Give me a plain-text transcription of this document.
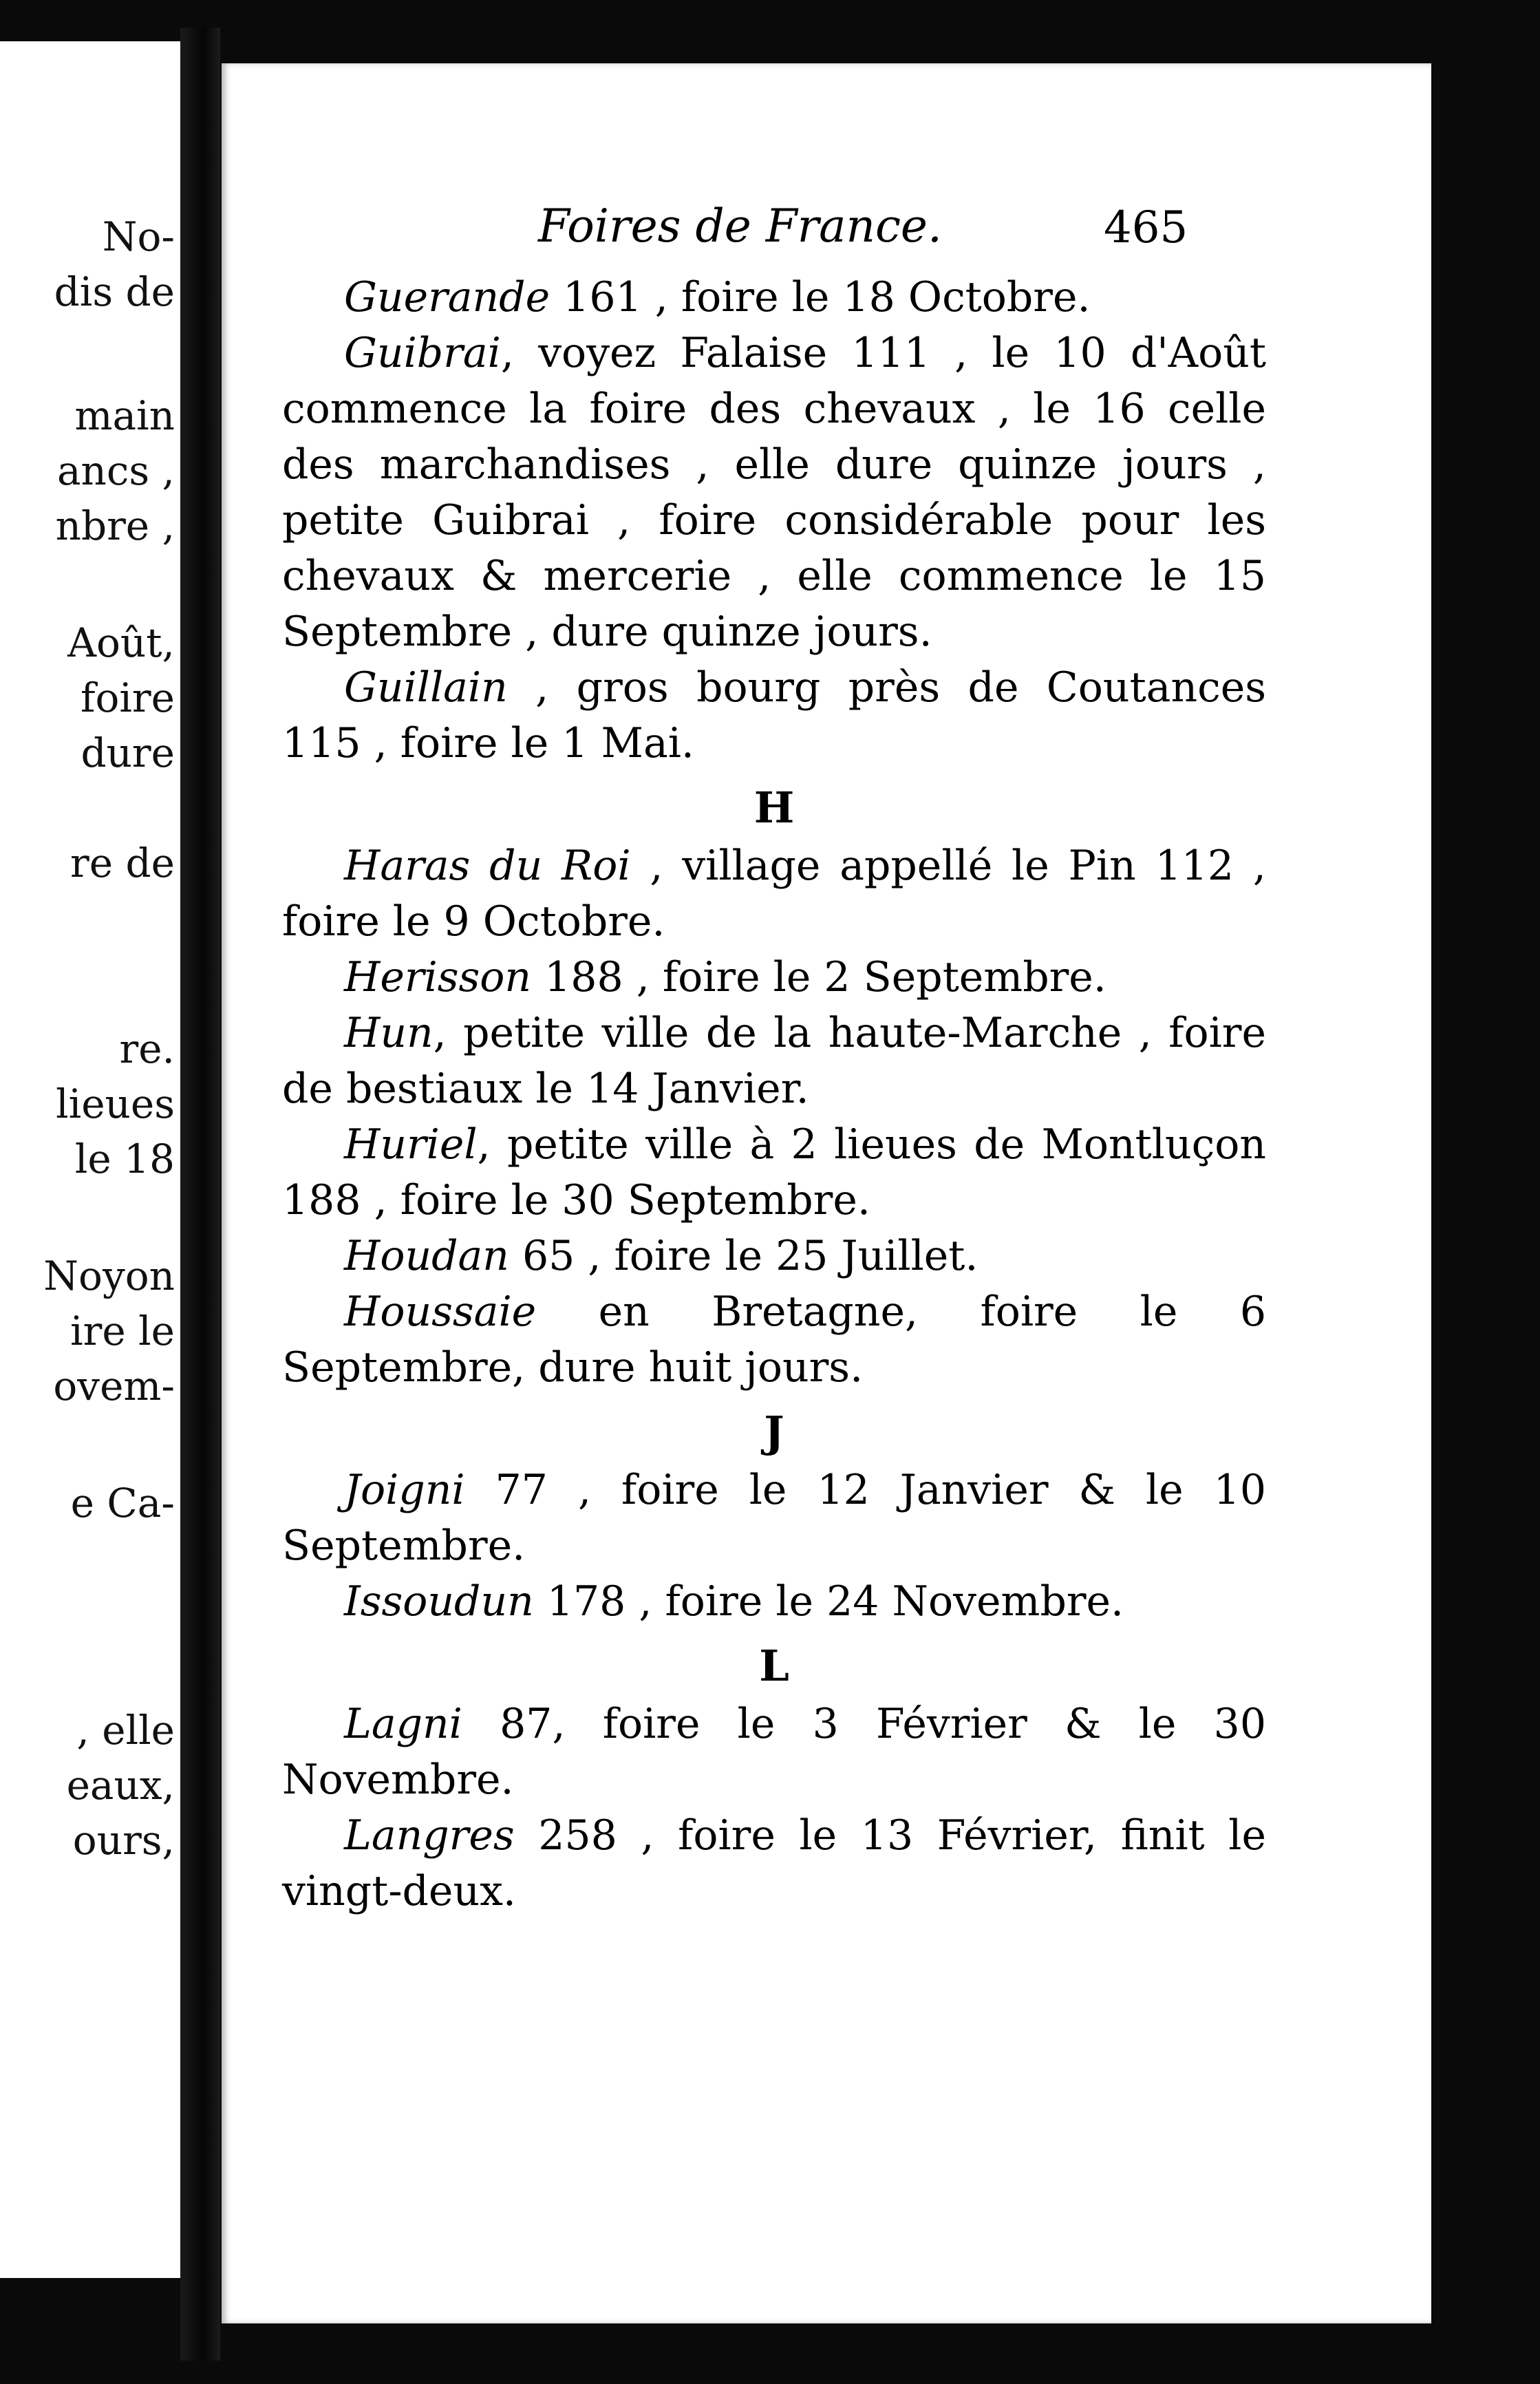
No-
dis de
main
ancs ,
nbre ,
Août,
foire
dure
re de
re.
lieues
le 18
Noyon
ire le
ovem-
e Ca-
, elle
eaux,
ours,
Foires de France.	465

Guerande 161 , foire le 18 Octobre.

Guibrai, voyez Falaise 111 , le 10 d'Août commence la foire des chevaux , le 16 celle des marchandises , elle dure quinze jours , petite Guibrai , foire considérable pour les chevaux & mercerie , elle commence le 15 Septembre , dure quinze jours.

Guillain , gros bourg près de Coutances 115 , foire le 1 Mai.

H

Haras du Roi , village appellé le Pin 112 , foire le 9 Octobre.

Herisson 188 , foire le 2 Septembre.

Hun, petite ville de la haute-Marche , foire de bestiaux le 14 Janvier.

Huriel, petite ville à 2 lieues de Montluçon 188 , foire le 30 Septembre.

Houdan 65 , foire le 25 Juillet.

Houssaie en Bretagne, foire le 6 Septembre, dure huit jours.

J

Joigni 77 , foire le 12 Janvier & le 10 Septembre.

Issoudun 178 , foire le 24 Novembre.

L

Lagni 87, foire le 3 Février & le 30 Novembre.

Langres 258 , foire le 13 Février, finit le vingt-deux.
